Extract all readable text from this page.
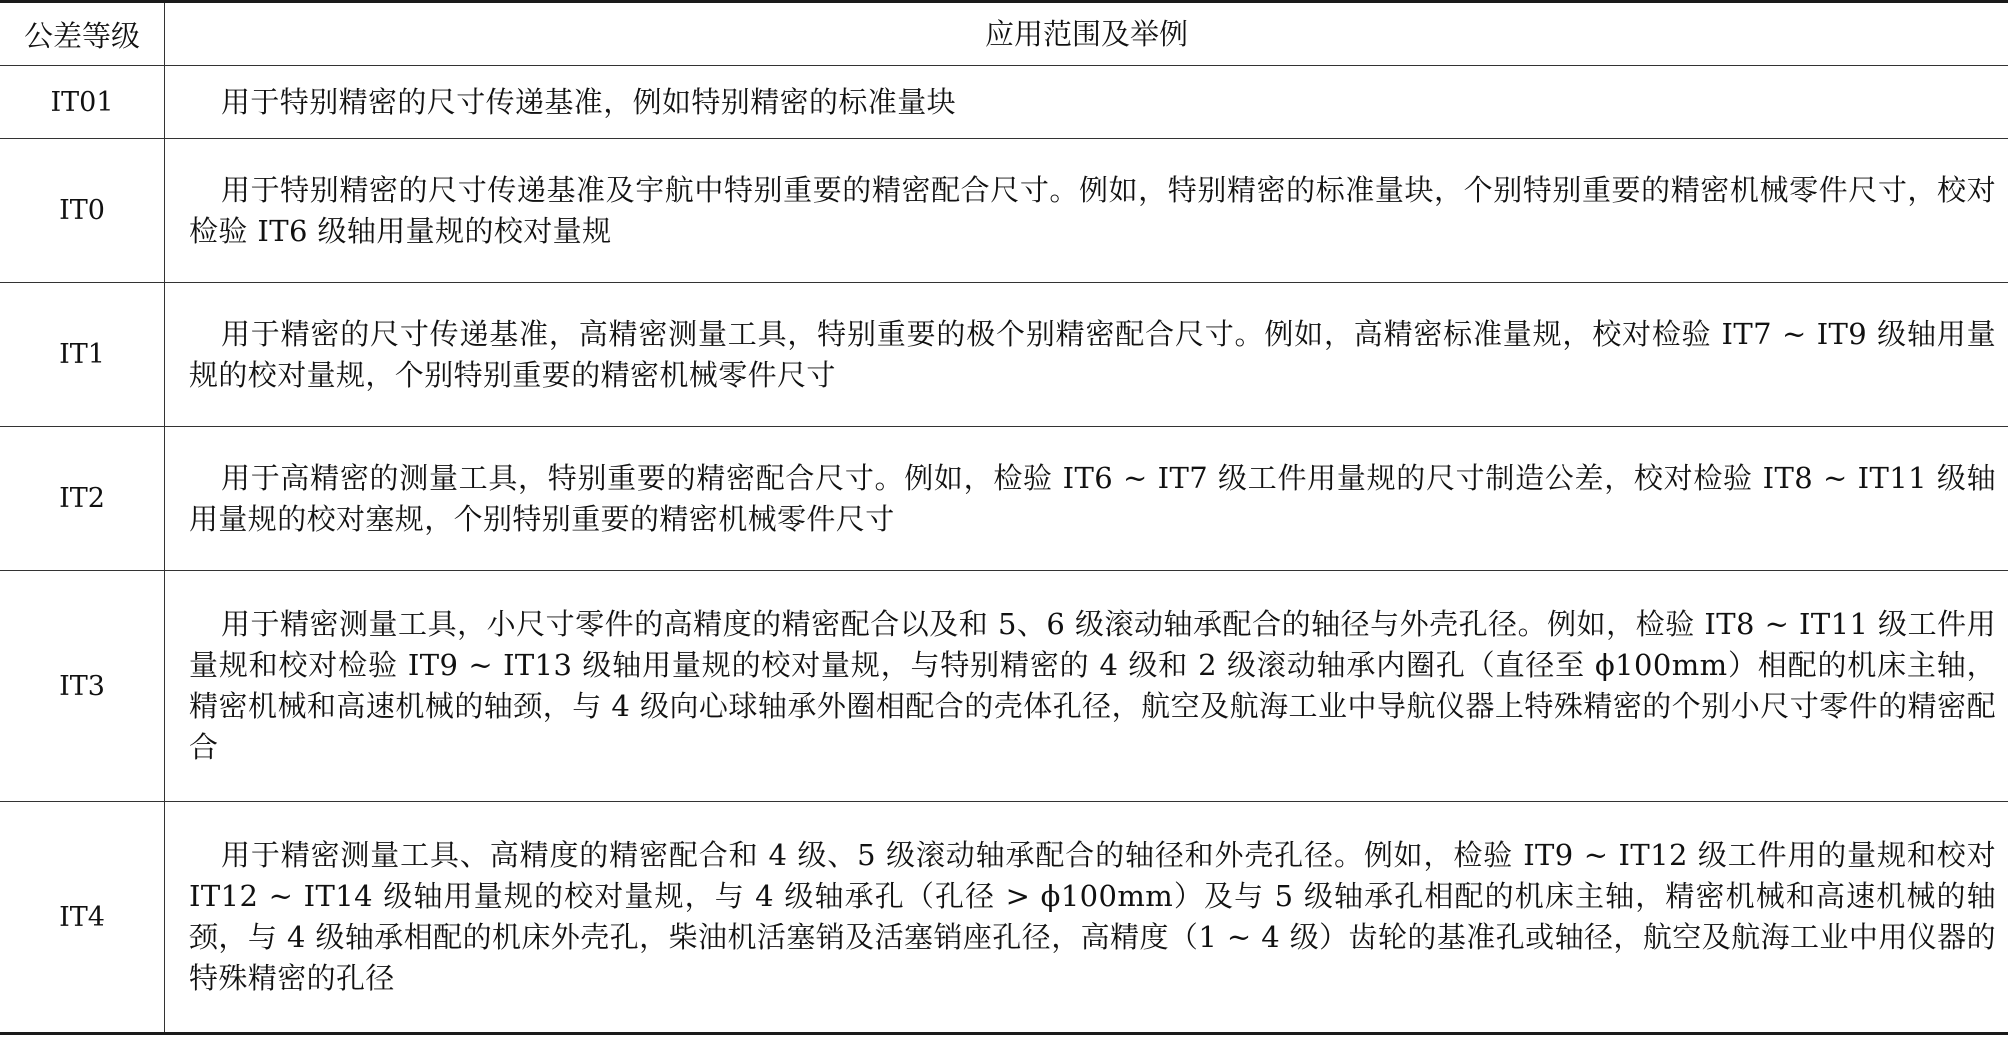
公差等级	应用范围及举例
IT01	用于特别精密的尺寸传递基准，例如特别精密的标准量块

IT0	用于特别精密的尺寸传递基准及宇航中特别重要的精密配合尺寸。例如，特别精密的标准量块，个别特别重要的精密机械零件尺寸，校对检验 IT6 级轴用量规的校对量规

IT1	用于精密的尺寸传递基准，高精密测量工具，特别重要的极个别精密配合尺寸。例如，高精密标准量规，校对检验 IT7 ~ IT9 级轴用量规的校对量规，个别特别重要的精密机械零件尺寸

IT2	用于高精密的测量工具，特别重要的精密配合尺寸。例如，检验 IT6 ~ IT7 级工件用量规的尺寸制造公差，校对检验 IT8 ~ IT11 级轴用量规的校对塞规，个别特别重要的精密机械零件尺寸

IT3	用于精密测量工具，小尺寸零件的高精度的精密配合以及和 5、6 级滚动轴承配合的轴径与外壳孔径。例如，检验 IT8 ~ IT11 级工件用量规和校对检验 IT9 ~ IT13 级轴用量规的校对量规，与特别精密的 4 级和 2 级滚动轴承内圈孔（直径至 ϕ100mm）相配的机床主轴，精密机械和高速机械的轴颈，与 4 级向心球轴承外圈相配合的壳体孔径，航空及航海工业中导航仪器上特殊精密的个别小尺寸零件的精密配合

IT4	用于精密测量工具、高精度的精密配合和 4 级、5 级滚动轴承配合的轴径和外壳孔径。例如，检验 IT9 ~ IT12 级工件用的量规和校对 IT12 ~ IT14 级轴用量规的校对量规，与 4 级轴承孔（孔径 > ϕ100mm）及与 5 级轴承孔相配的机床主轴，精密机械和高速机械的轴颈，与 4 级轴承相配的机床外壳孔，柴油机活塞销及活塞销座孔径，高精度（1 ~ 4 级）齿轮的基准孔或轴径，航空及航海工业中用仪器的特殊精密的孔径
